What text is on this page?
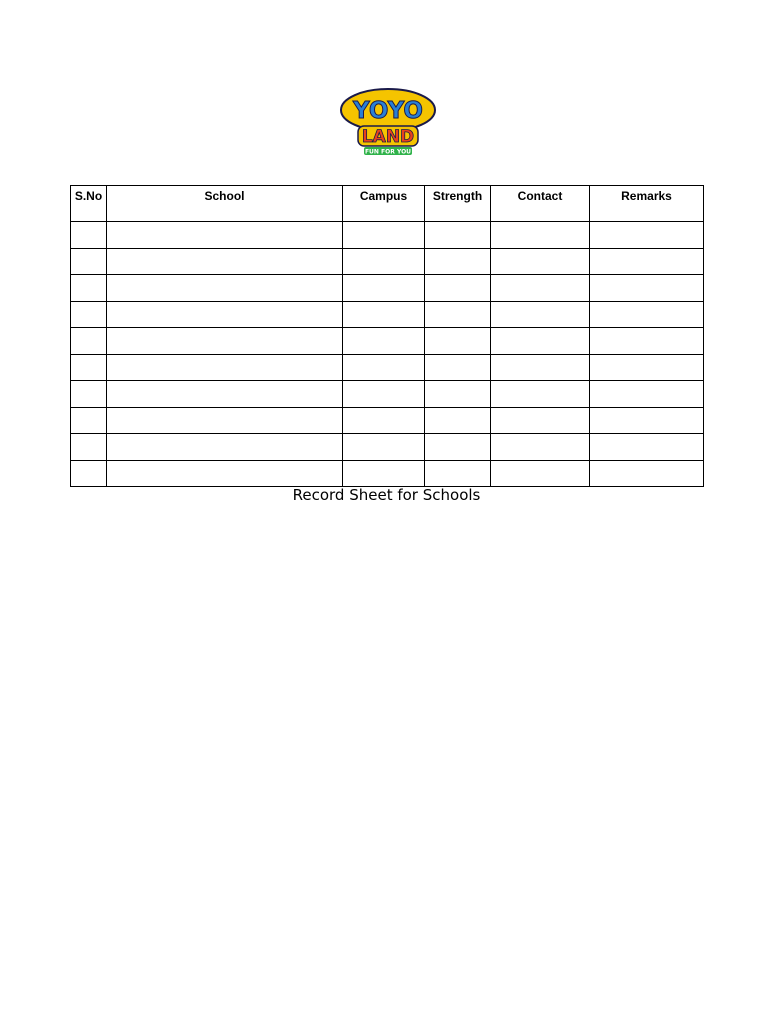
YOYO
LAND
FUN FOR YOU
S.No	School	Campus	Strength	Contact	Remarks

Record Sheet for Schools
